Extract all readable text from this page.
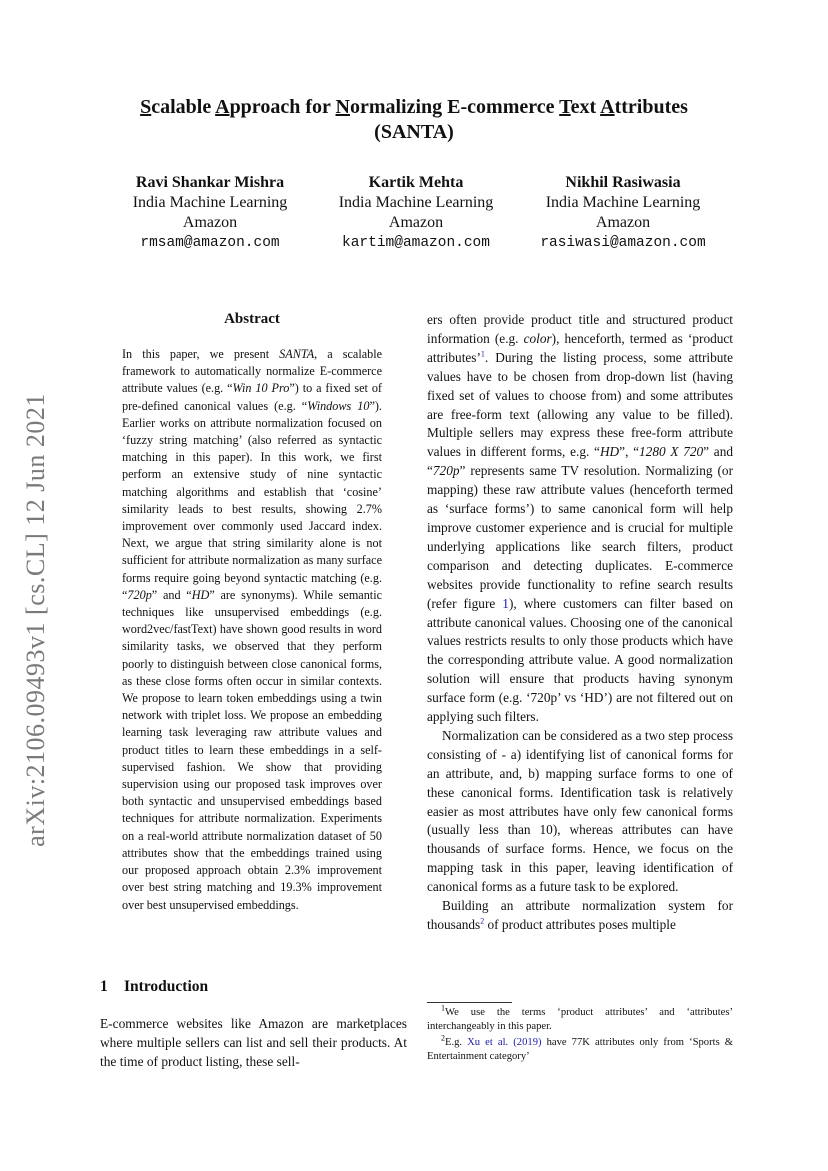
arXiv:2106.09493v1 [cs.CL] 12 Jun 2021
Scalable Approach for Normalizing E-commerce Text Attributes
(SANTA)
Ravi Shankar Mishra
India Machine Learning
Amazon
rmsam@amazon.com
Kartik Mehta
India Machine Learning
Amazon
kartim@amazon.com
Nikhil Rasiwasia
India Machine Learning
Amazon
rasiwasi@amazon.com
Abstract
In this paper, we present SANTA, a scalable framework to automatically normalize E-commerce attribute values (e.g. “Win 10 Pro”) to a fixed set of pre-defined canonical values (e.g. “Windows 10”). Earlier works on attribute normalization focused on ‘fuzzy string matching’ (also referred as syntactic matching in this paper). In this work, we first perform an extensive study of nine syntactic matching algorithms and establish that ‘cosine’ similarity leads to best results, showing 2.7% improvement over commonly used Jaccard index. Next, we argue that string similarity alone is not sufficient for attribute normalization as many surface forms require going beyond syntactic matching (e.g. “720p” and “HD” are synonyms). While semantic techniques like unsupervised embeddings (e.g. word2vec/fastText) have shown good results in word similarity tasks, we observed that they perform poorly to distinguish between close canonical forms, as these close forms often occur in similar contexts. We propose to learn token embeddings using a twin network with triplet loss. We propose an embedding learning task leveraging raw attribute values and product titles to learn these embeddings in a self-supervised fashion. We show that providing supervision using our proposed task improves over both syntactic and unsupervised embeddings based techniques for attribute normalization. Experiments on a real-world attribute normalization dataset of 50 attributes show that the embeddings trained using our proposed approach obtain 2.3% improvement over best string matching and 19.3% improvement over best unsupervised embeddings.
1 Introduction
E-commerce websites like Amazon are marketplaces where multiple sellers can list and sell their products. At the time of product listing, these sell-

ers often provide product title and structured product information (e.g. color), henceforth, termed as ‘product attributes’$^1$. During the listing process, some attribute values have to be chosen from drop-down list (having fixed set of values to choose from) and some attributes are free-form text (allowing any value to be filled). Multiple sellers may express these free-form attribute values in different forms, e.g. “HD”, “1280 X 720” and “720p” represents same TV resolution. Normalizing (or mapping) these raw attribute values (henceforth termed as ‘surface forms’) to same canonical form will help improve customer experience and is crucial for multiple underlying applications like search filters, product comparison and detecting duplicates. E-commerce websites provide functionality to refine search results (refer figure 1), where customers can filter based on attribute canonical values. Choosing one of the canonical values restricts results to only those products which have the corresponding attribute value. A good normalization solution will ensure that products having synonym surface form (e.g. ‘720p’ vs ‘HD’) are not filtered out on applying such filters.

Normalization can be considered as a two step process consisting of - a) identifying list of canonical forms for an attribute, and, b) mapping surface forms to one of these canonical forms. Identification task is relatively easier as most attributes have only few canonical forms (usually less than 10), whereas attributes can have thousands of surface forms. Hence, we focus on the mapping task in this paper, leaving identification of canonical forms as a future task to be explored.

Building an attribute normalization system for thousands$^2$ of product attributes poses multiple

$^1$We use the terms ‘product attributes’ and ‘attributes’ interchangeably in this paper.
$^2$E.g. Xu et al. (2019) have 77K attributes only from ‘Sports & Entertainment category’
